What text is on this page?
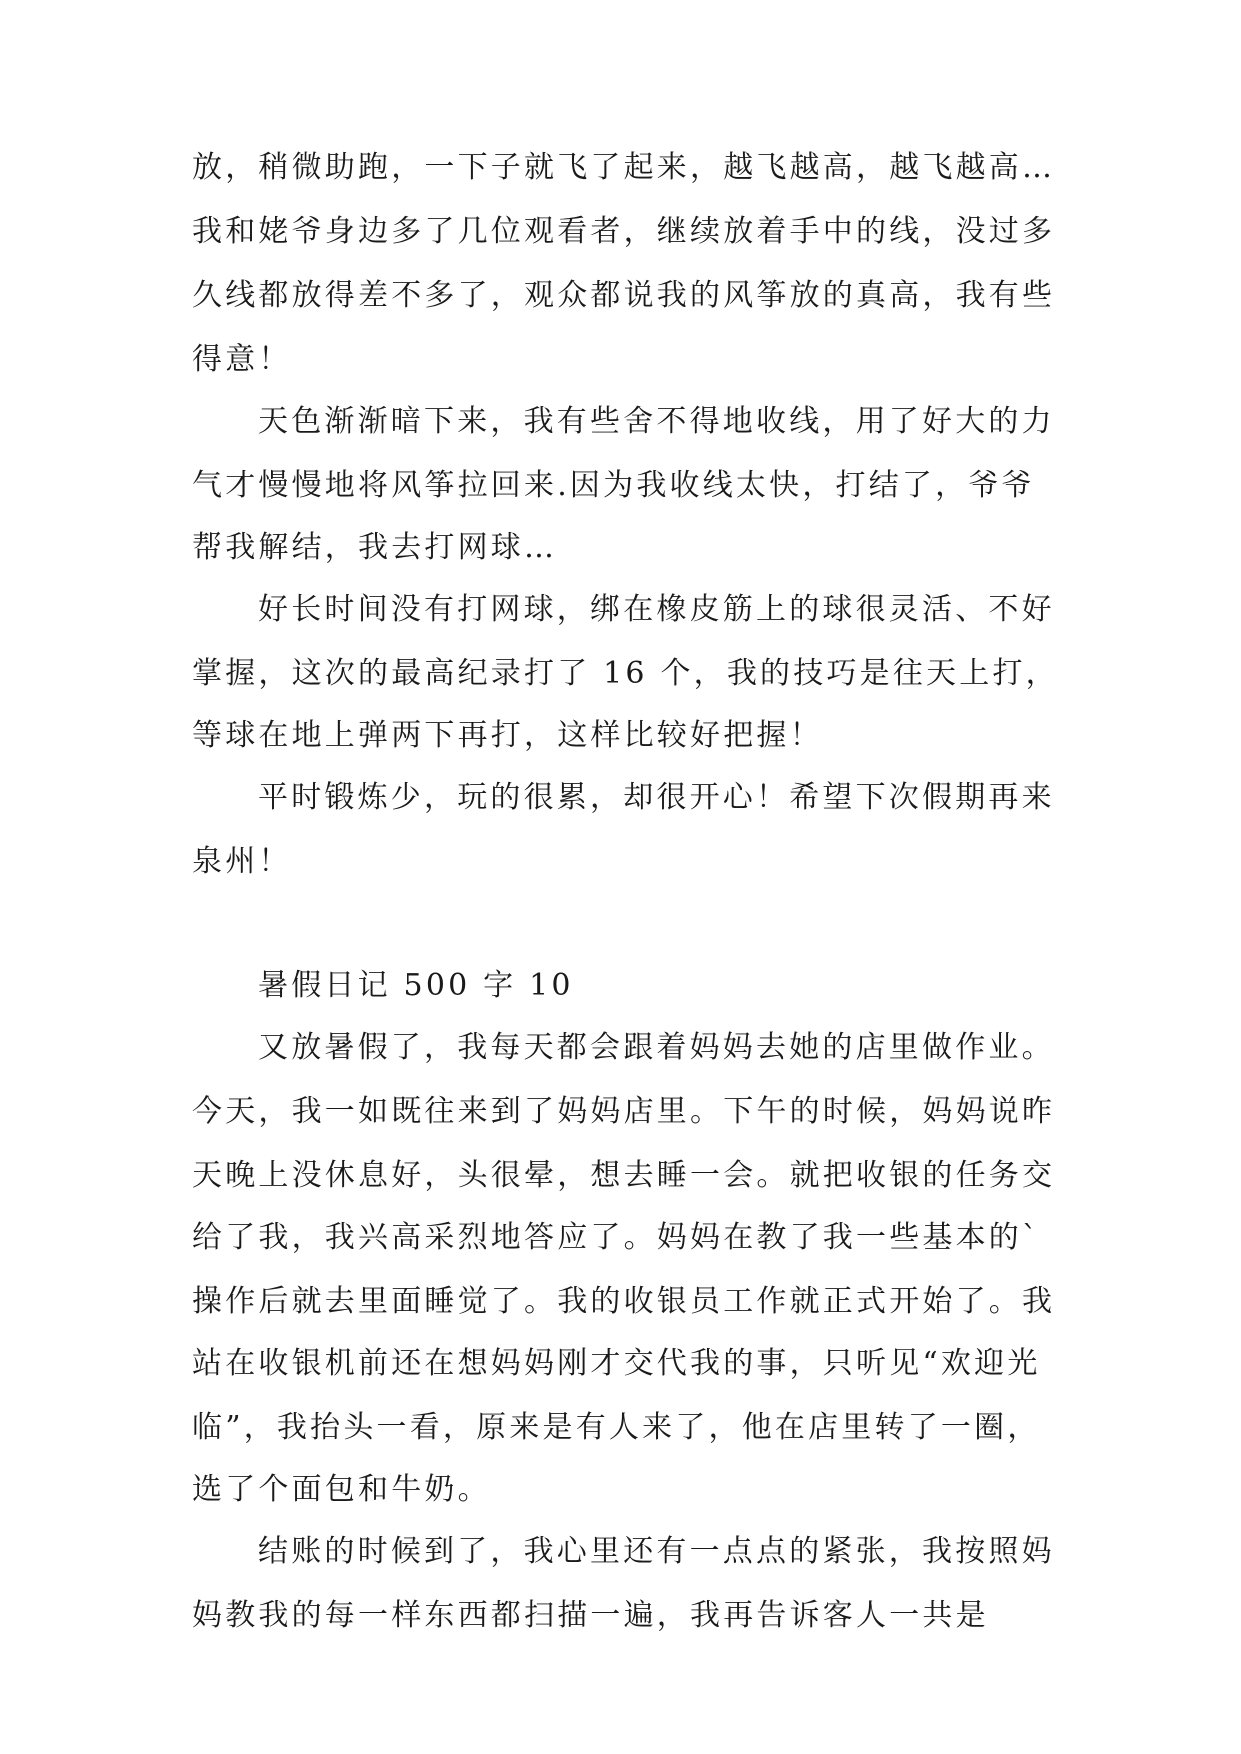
放，稍微助跑，一下子就飞了起来，越飞越高，越飞越高…
我和姥爷身边多了几位观看者，继续放着手中的线，没过多
久线都放得差不多了，观众都说我的风筝放的真高，我有些
得意！
天色渐渐暗下来，我有些舍不得地收线，用了好大的力
气才慢慢地将风筝拉回来.因为我收线太快，打结了，爷爷
帮我解结，我去打网球…
好长时间没有打网球，绑在橡皮筋上的球很灵活、不好
掌握，这次的最高纪录打了 16 个，我的技巧是往天上打，
等球在地上弹两下再打，这样比较好把握！
平时锻炼少，玩的很累，却很开心！希望下次假期再来
泉州！
暑假日记 500 字 10
又放暑假了，我每天都会跟着妈妈去她的店里做作业。
今天，我一如既往来到了妈妈店里。下午的时候，妈妈说昨
天晚上没休息好，头很晕，想去睡一会。就把收银的任务交
给了我，我兴高采烈地答应了。妈妈在教了我一些基本的`
操作后就去里面睡觉了。我的收银员工作就正式开始了。我
站在收银机前还在想妈妈刚才交代我的事，只听见“欢迎光
临”，我抬头一看，原来是有人来了，他在店里转了一圈，
选了个面包和牛奶。
结账的时候到了，我心里还有一点点的紧张，我按照妈
妈教我的每一样东西都扫描一遍，我再告诉客人一共是
